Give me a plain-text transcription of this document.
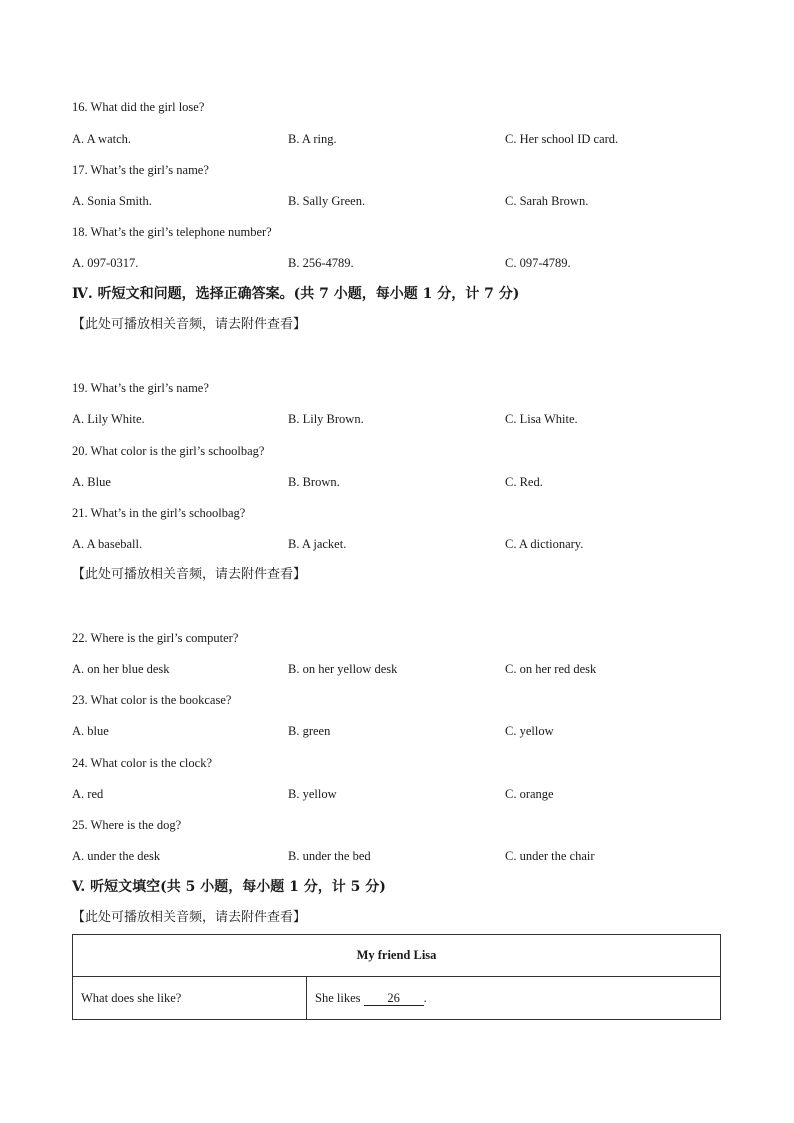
16. What did the girl lose?
A. A watch.	B. A ring.	C. Her school ID card.
17. What’s the girl’s name?
A. Sonia Smith.	B. Sally Green.	C. Sarah Brown.
18. What’s the girl’s telephone number?
A. 097-0317.	B. 256-4789.	C. 097-4789.
Ⅳ. 听短文和问题，选择正确答案。(共 7 小题，每小题 1 分，计 7 分)
【此处可播放相关音频，请去附件查看】
19. What’s the girl’s name?
A. Lily White.	B. Lily Brown.	C. Lisa White.
20. What color is the girl’s schoolbag?
A. Blue	B. Brown.	C. Red.
21. What’s in the girl’s schoolbag?
A. A baseball.	B. A jacket.	C. A dictionary.
【此处可播放相关音频，请去附件查看】
22. Where is the girl’s computer?
A. on her blue desk	B. on her yellow desk	C. on her red desk
23. What color is the bookcase?
A. blue	B. green	C. yellow
24. What color is the clock?
A. red	B. yellow	C. orange
25. Where is the dog?
A. under the desk	B. under the bed	C. under the chair
V. 听短文填空(共 5 小题，每小题 1 分，计 5 分)
【此处可播放相关音频，请去附件查看】
My friend Lisa
What does she like?	She likes 26 .
